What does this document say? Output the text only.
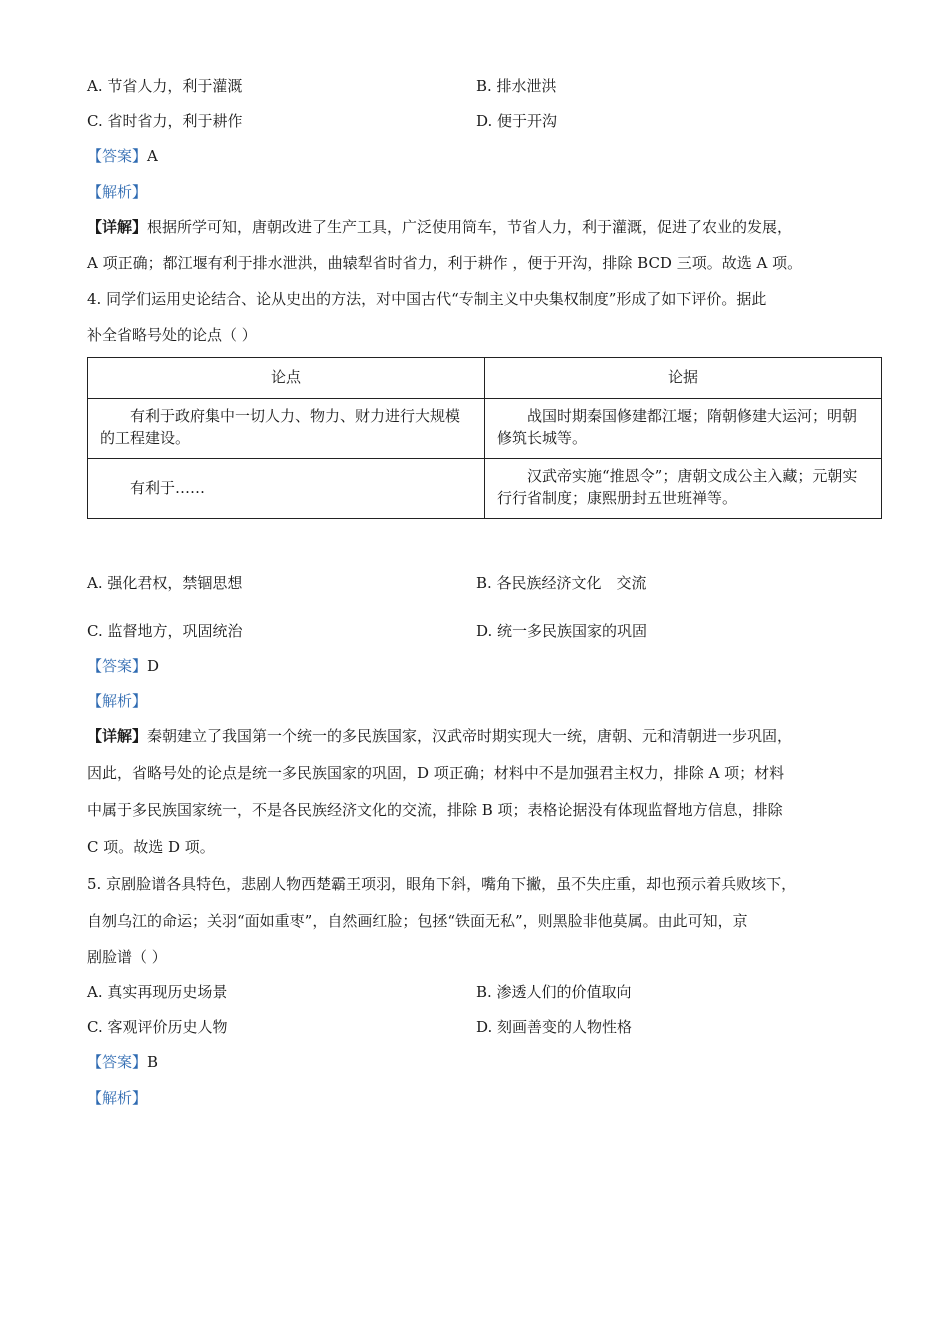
A. 节省人力，利于灌溉	B. 排水泄洪
C. 省时省力，利于耕作	D. 便于开沟
【答案】A
【解析】
【详解】根据所学可知，唐朝改进了生产工具，广泛使用筒车，节省人力，利于灌溉，促进了农业的发展，
A 项正确；都江堰有利于排水泄洪，曲辕犁省时省力，利于耕作 ，便于开沟，排除 BCD 三项。故选 A 项。
4. 同学们运用史论结合、论从史出的方法，对中国古代“专制主义中央集权制度”形成了如下评价。据此
补全省略号处的论点（ ）
论点	论据

有利于政府集中一切人力、物力、财力进行大规模的工程建设。	战国时期秦国修建都江堰；隋朝修建大运河；明朝修筑长城等。

有利于……	汉武帝实施“推恩令”；唐朝文成公主入藏；元朝实行行省制度；康熙册封五世班禅等。
A. 强化君权，禁锢思想	B. 各民族经济文化　交流
C. 监督地方，巩固统治	D. 统一多民族国家的巩固
【答案】D
【解析】
【详解】秦朝建立了我国第一个统一的多民族国家，汉武帝时期实现大一统，唐朝、元和清朝进一步巩固，
因此，省略号处的论点是统一多民族国家的巩固，D 项正确；材料中不是加强君主权力，排除 A 项；材料
中属于多民族国家统一，不是各民族经济文化的交流，排除 B 项；表格论据没有体现监督地方信息，排除
C 项。故选 D 项。
5. 京剧脸谱各具特色，悲剧人物西楚霸王项羽，眼角下斜，嘴角下撇，虽不失庄重，却也预示着兵败垓下，
自刎乌江的命运；关羽“面如重枣”，自然画红脸；包拯“铁面无私”，则黑脸非他莫属。由此可知，京
剧脸谱（ ）
A. 真实再现历史场景	B. 渗透人们的价值取向
C. 客观评价历史人物	D. 刻画善变的人物性格
【答案】B
【解析】
